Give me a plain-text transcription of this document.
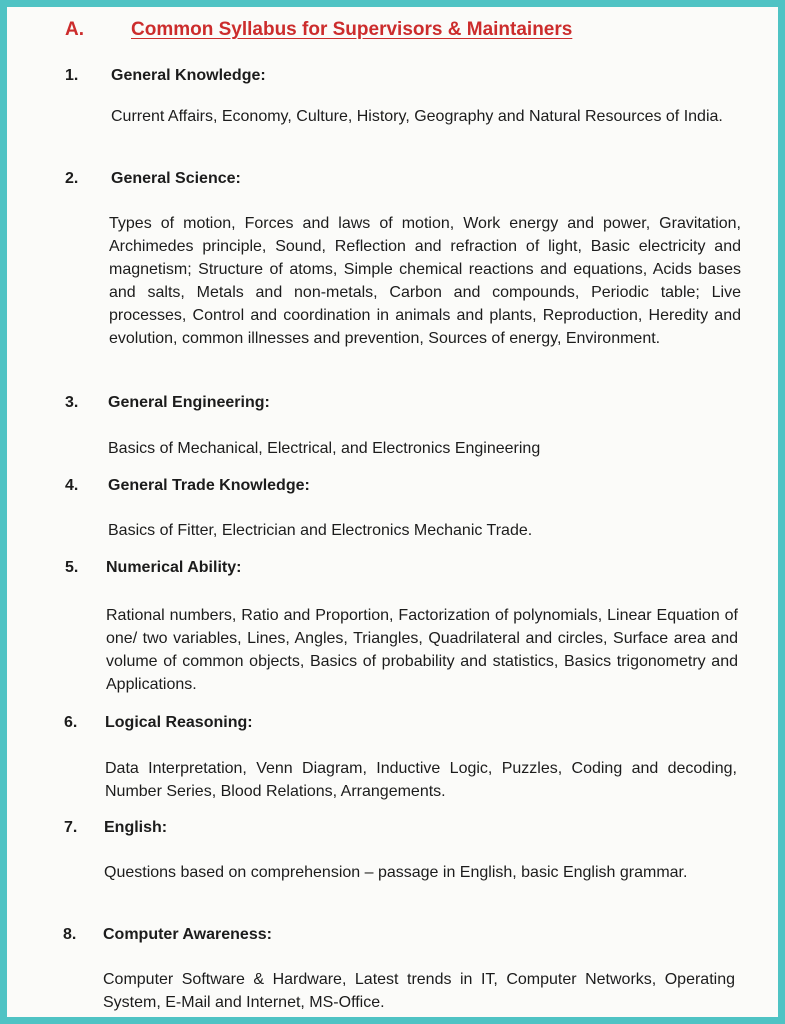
A. Common Syllabus for Supervisors & Maintainers
1.	General Knowledge:
Current Affairs, Economy, Culture, History, Geography and Natural Resources of India.
2.	General Science:
Types of motion, Forces and laws of motion, Work energy and power, Gravitation, Archimedes principle, Sound, Reflection and refraction of light, Basic electricity and magnetism; Structure of atoms, Simple chemical reactions and equations, Acids bases and salts, Metals and non-metals, Carbon and compounds, Periodic table; Live processes, Control and coordination in animals and plants, Reproduction, Heredity and evolution, common illnesses and prevention, Sources of energy, Environment.
3.	General Engineering:
Basics of Mechanical, Electrical, and Electronics Engineering
4.	General Trade Knowledge:
Basics of Fitter, Electrician and Electronics Mechanic Trade.
5.	Numerical Ability:
Rational numbers, Ratio and Proportion, Factorization of polynomials, Linear Equation of one/ two variables, Lines, Angles, Triangles, Quadrilateral and circles, Surface area and volume of common objects, Basics of probability and statistics, Basics trigonometry and Applications.
6.	Logical Reasoning:
Data Interpretation, Venn Diagram, Inductive Logic, Puzzles, Coding and decoding, Number Series, Blood Relations, Arrangements.
7.	English:
Questions based on comprehension – passage in English, basic English grammar.
8.	Computer Awareness:
Computer Software & Hardware, Latest trends in IT, Computer Networks, Operating System, E-Mail and Internet, MS-Office.
